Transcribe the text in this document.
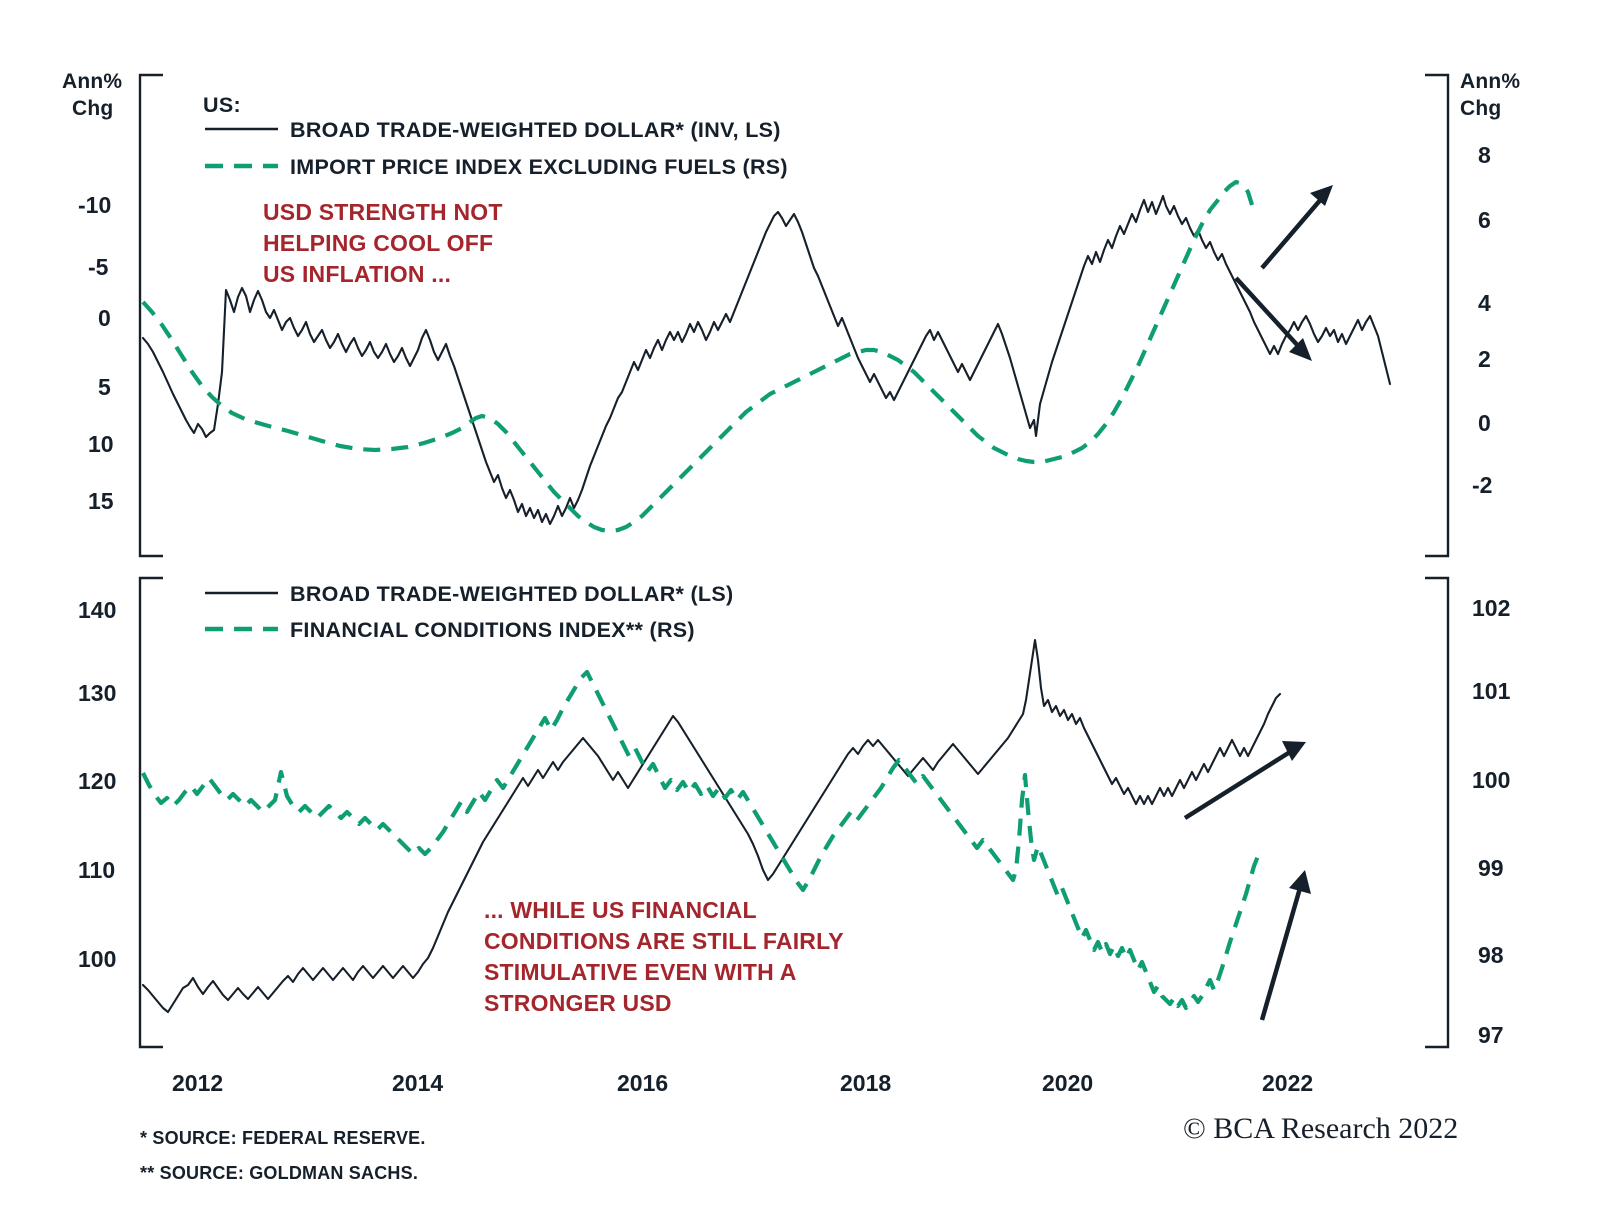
Ann%
Chg
Ann%
Chg
-10
-5
0
5
10
15
8
6
4
2
0
-2
140
130
120
110
100
102
101
100
99
98
97
2012	2014	2016	2018	2020	2022
US:
BROAD TRADE-WEIGHTED DOLLAR* (INV, LS)
IMPORT PRICE INDEX EXCLUDING FUELS (RS)
BROAD TRADE-WEIGHTED DOLLAR* (LS)
FINANCIAL CONDITIONS INDEX** (RS)
USD STRENGTH NOT
HELPING COOL OFF
US INFLATION ...
... WHILE US FINANCIAL
CONDITIONS ARE STILL FAIRLY
STIMULATIVE EVEN WITH A
STRONGER USD
* SOURCE: FEDERAL RESERVE.
** SOURCE: GOLDMAN SACHS.
© BCA Research 2022
